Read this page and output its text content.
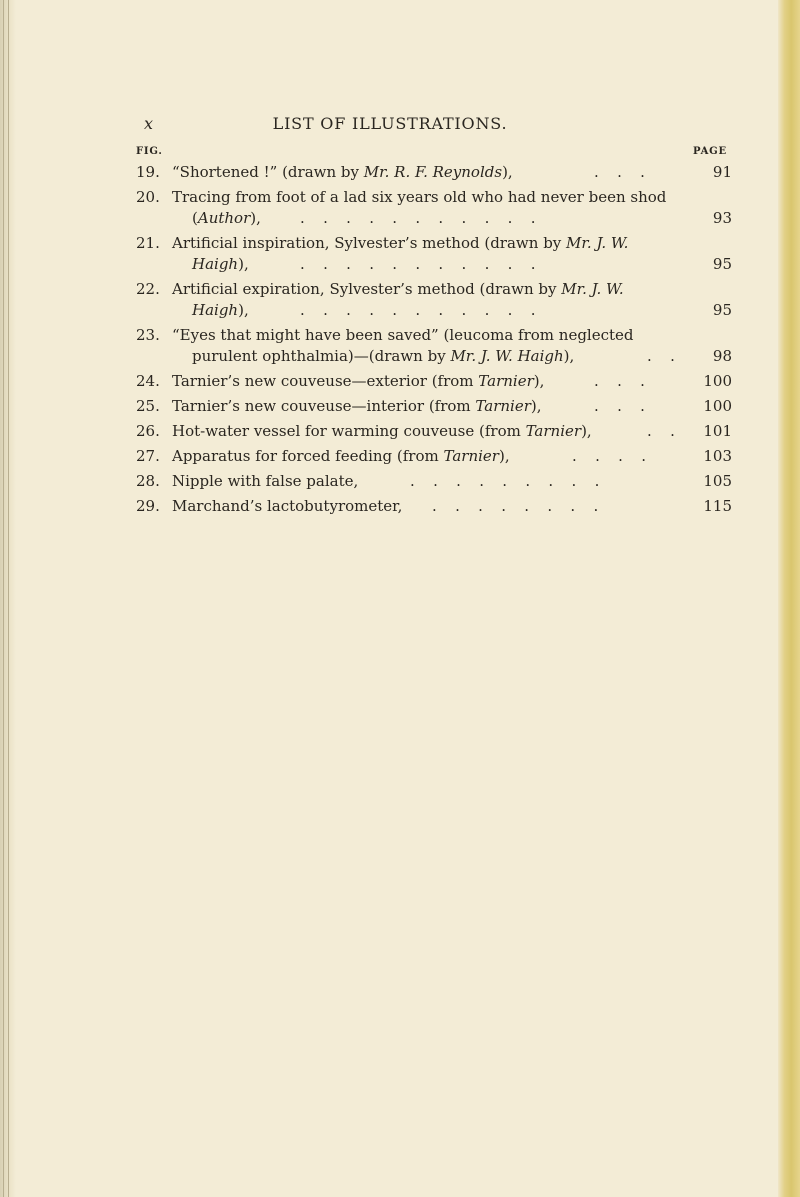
x	LIST OF ILLUSTRATIONS.
FIG.	PAGE
19. “Shortened !” (drawn by Mr. R. F. Reynolds),	.   .   .	91
20. Tracing from foot of a lad six years old who had never been shod
(Author),	.   .   .   .   .   .   .   .   .   .   .	93
21. Artificial inspiration, Sylvester’s method (drawn by Mr. J. W.
Haigh),	.   .   .   .   .   .   .   .   .   .   .	95
22. Artificial expiration, Sylvester’s method (drawn by Mr. J. W.
Haigh),	.   .   .   .   .   .   .   .   .   .   .	95
23. “Eyes that might have been saved” (leucoma from neglected
purulent ophthalmia)—(drawn by Mr. J. W. Haigh),	.   .	98
24. Tarnier’s new couveuse—exterior (from Tarnier),	.   .   .	100
25. Tarnier’s new couveuse—interior (from Tarnier),	.   .   .	100
26. Hot-water vessel for warming couveuse (from Tarnier),	.   . 101
27. Apparatus for forced feeding (from Tarnier),	.   .   .   .	103
28. Nipple with false palate,	.   .   .   .   .   .   .   .   .	105
29. Marchand’s lactobutyrometer, .   .   .   .   .   .   .   .	115
